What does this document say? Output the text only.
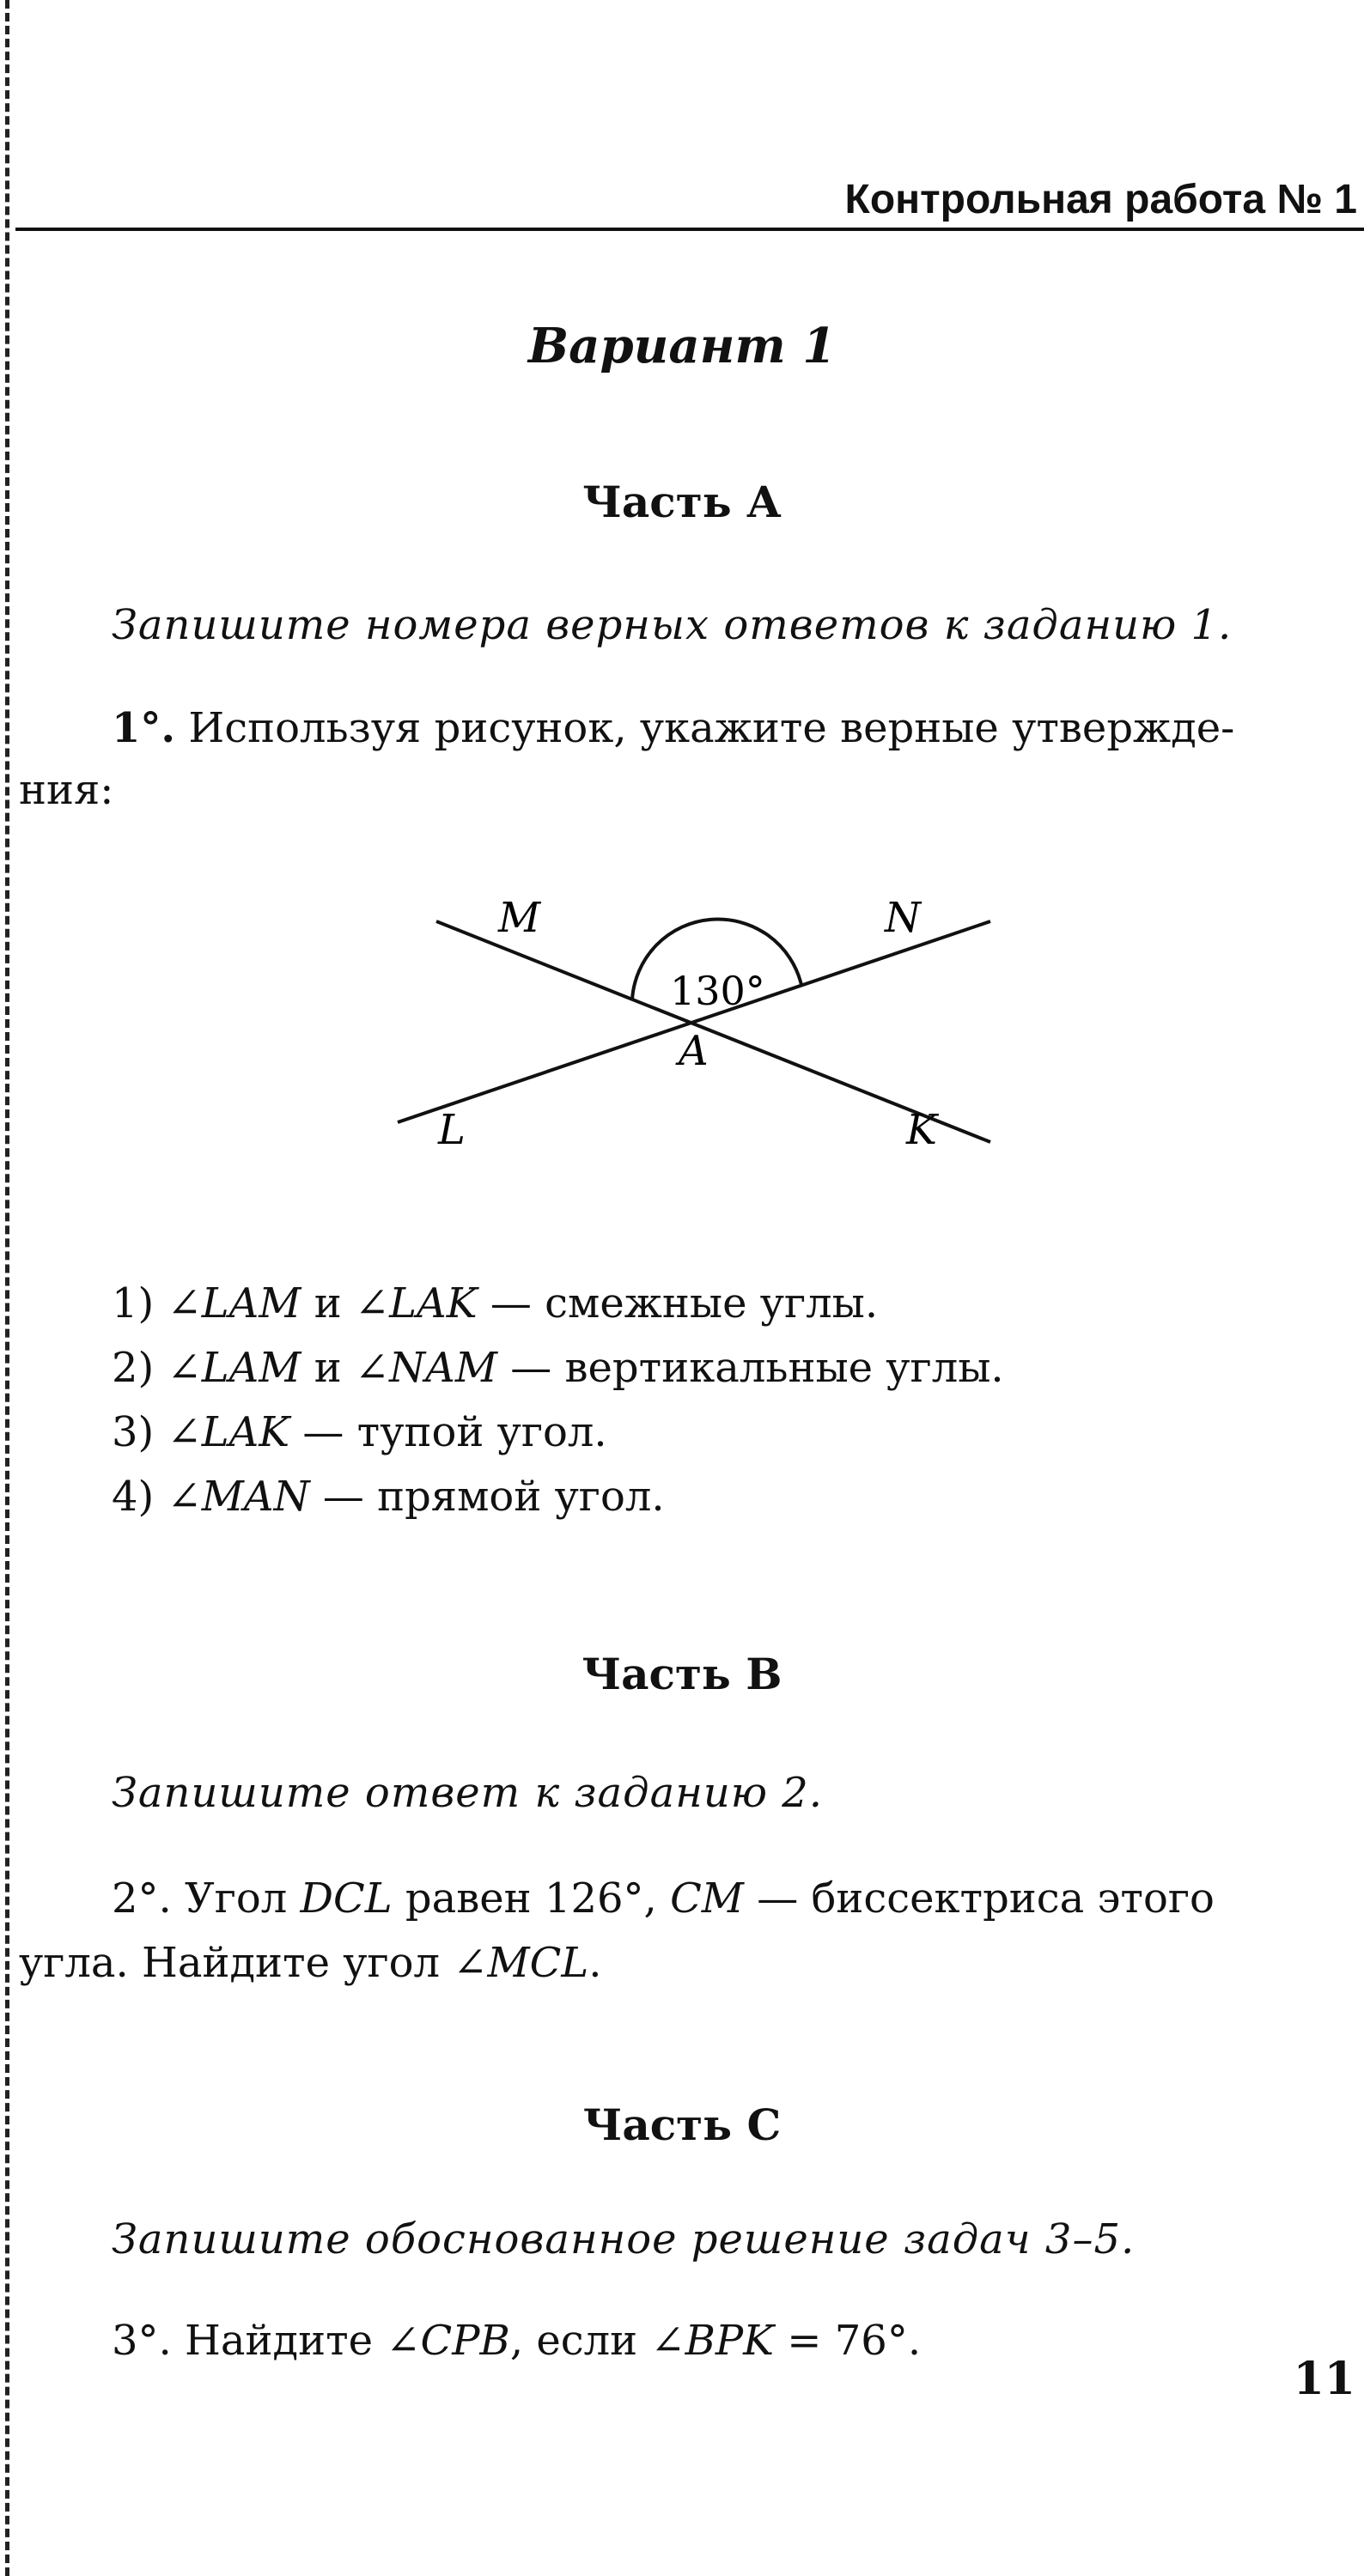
Контрольная работа № 1
Вариант 1
Часть А
Запишите номера верных ответов к заданию 1.
1°. Используя рисунок, укажите верные утвержде-
ния:
M	N
130°
A
L	K
1) ∠LAM и ∠LAK — смежные углы.
2) ∠LAM и ∠NAM — вертикальные углы.
3) ∠LAK — тупой угол.
4) ∠MAN — прямой угол.
Часть В
Запишите ответ к заданию 2.
2°. Угол DCL равен 126°, CM — биссектриса этого
угла. Найдите угол ∠MCL.
Часть С
Запишите обоснованное решение задач 3–5.
3°. Найдите ∠CPB, если ∠BPK = 76°.
11
